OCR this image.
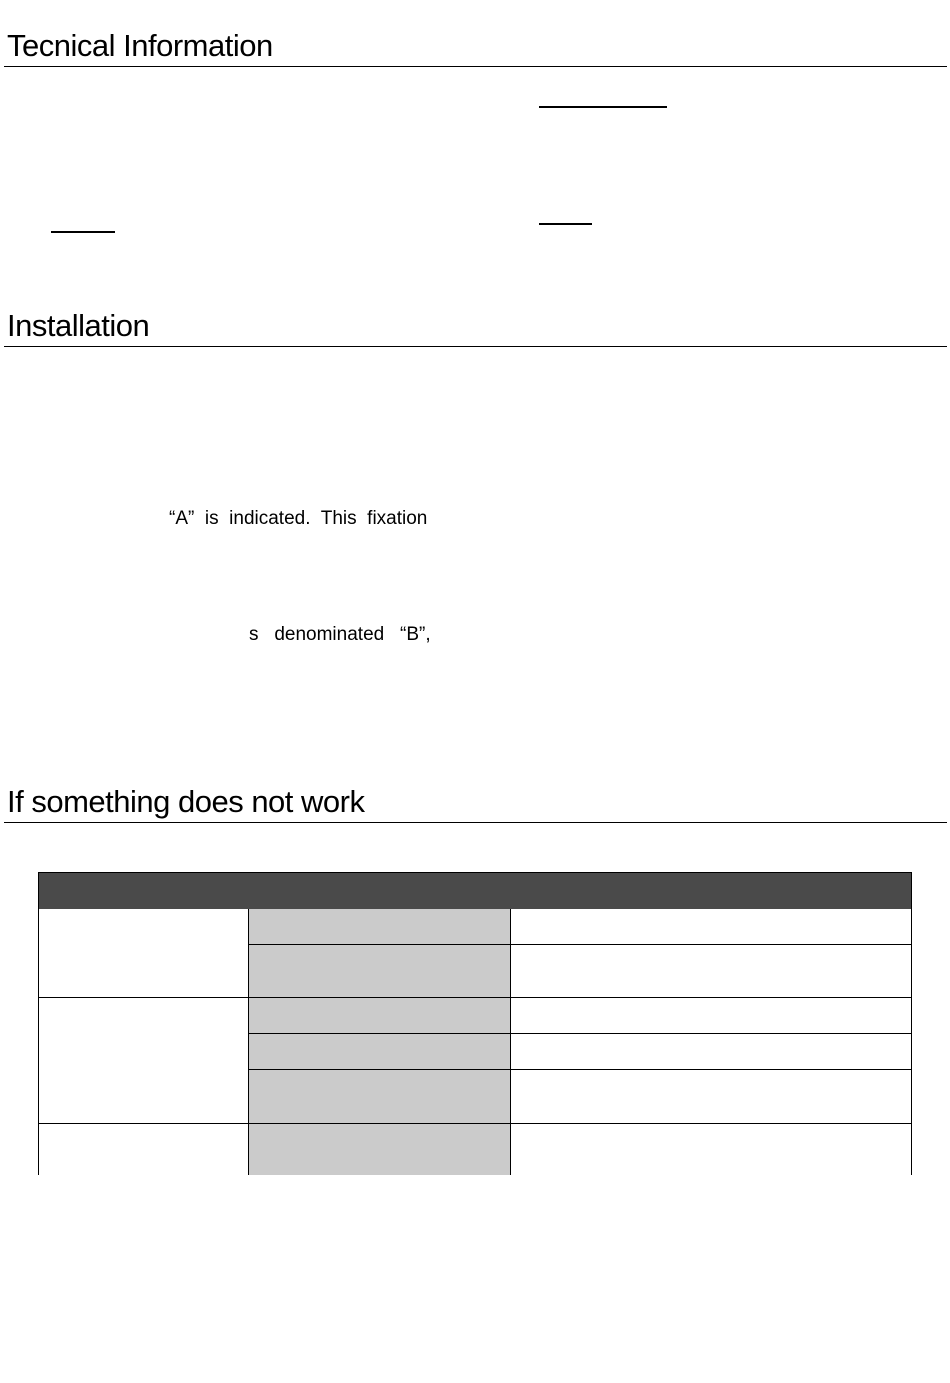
Tecnical Information
Installation

“A”  is  indicated.  This  fixation

s   denominated   “B”,

If something does not work
